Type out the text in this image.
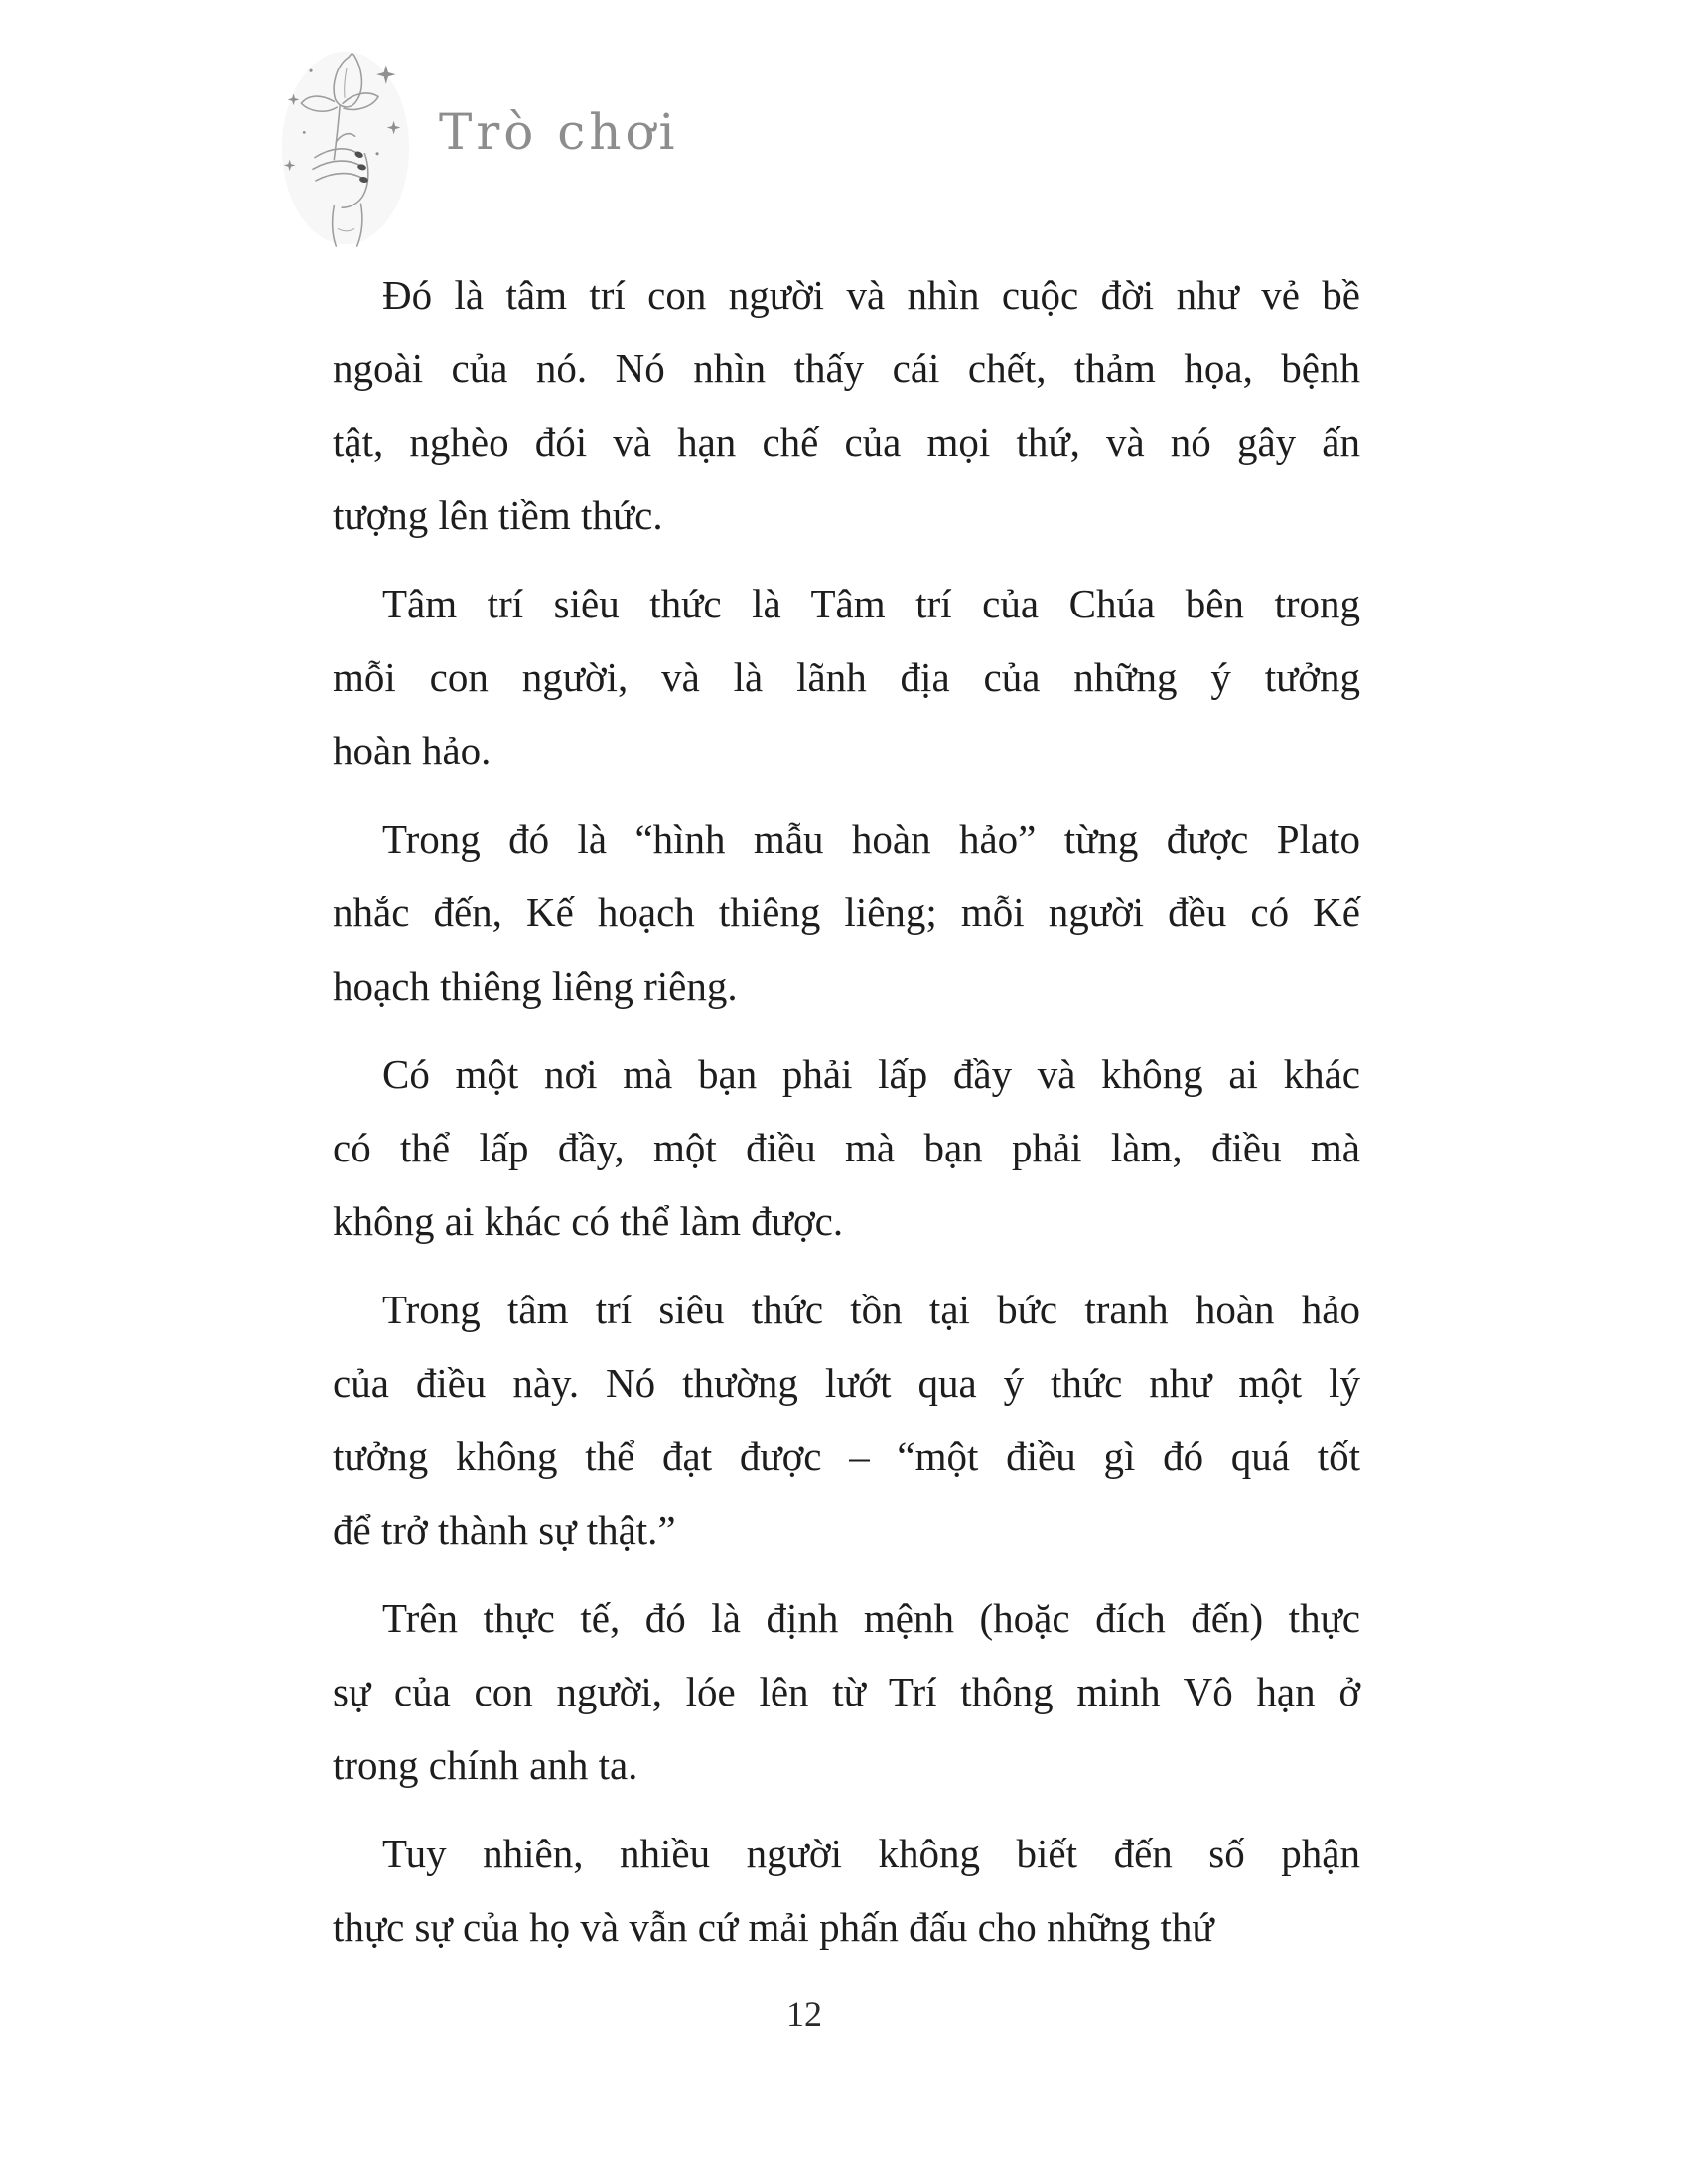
Trò chơi
Đó là tâm trí con người và nhìn cuộc đời như vẻ bề
ngoài của nó. Nó nhìn thấy cái chết, thảm họa, bệnh
tật, nghèo đói và hạn chế của mọi thứ, và nó gây ấn
tượng lên tiềm thức.
Tâm trí siêu thức là Tâm trí của Chúa bên trong
mỗi con người, và là lãnh địa của những ý tưởng
hoàn hảo.
Trong đó là “hình mẫu hoàn hảo” từng được Plato
nhắc đến, Kế hoạch thiêng liêng; mỗi người đều có Kế
hoạch thiêng liêng riêng.
Có một nơi mà bạn phải lấp đầy và không ai khác
có thể lấp đầy, một điều mà bạn phải làm, điều mà
không ai khác có thể làm được.
Trong tâm trí siêu thức tồn tại bức tranh hoàn hảo
của điều này. Nó thường lướt qua ý thức như một lý
tưởng không thể đạt được – “một điều gì đó quá tốt
để trở thành sự thật.”
Trên thực tế, đó là định mệnh (hoặc đích đến) thực
sự của con người, lóe lên từ Trí thông minh Vô hạn ở
trong chính anh ta.
Tuy nhiên, nhiều người không biết đến số phận
thực sự của họ và vẫn cứ mải phấn đấu cho những thứ
12
